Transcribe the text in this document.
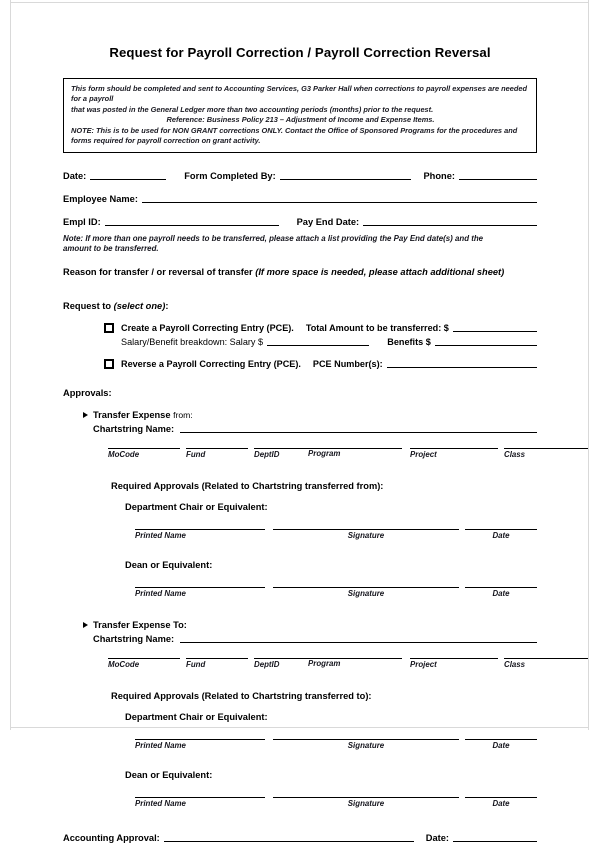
Request for Payroll Correction / Payroll Correction Reversal

This form should be completed and sent to Accounting Services, G3 Parker Hall when corrections to payroll expenses are needed for a payroll

that was posted in the General Ledger more than two accounting periods (months) prior to the request.

Reference: Business Policy 213 – Adjustment of Income and Expense Items.

NOTE: This is to be used for NON GRANT corrections ONLY. Contact the Office of Sponsored Programs for the procedures and

forms required for payroll correction on grant activity.

Date:	Form Completed By:	Phone:
Employee Name:
Empl ID:	Pay End Date:
Note: If more than one payroll needs to be transferred, please attach a list providing the Pay End date(s) and the
amount to be transferred.
Reason for transfer / or reversal of transfer (If more space is needed, please attach additional sheet)
Request to (select one):
Create a Payroll Correcting Entry (PCE). Total Amount to be transferred: $
Salary/Benefit breakdown: Salary $	Benefits $
Reverse a Payroll Correcting Entry (PCE). PCE Number(s):
Approvals:
Transfer Expense
from:
Chartstring Name:
MoCode	Fund	DeptID	Program	Project	Class
Required Approvals (Related to Chartstring transferred from):
Department Chair or Equivalent:
Printed Name	Signature	Date
Dean or Equivalent:
Printed Name	Signature	Date
Transfer Expense To:
Chartstring Name:
MoCode	Fund	DeptID	Program	Project	Class
Required Approvals (Related to Chartstring transferred to):
Department Chair or Equivalent:
Printed Name	Signature	Date
Dean or Equivalent:
Printed Name	Signature	Date
Accounting Approval:	Date:
